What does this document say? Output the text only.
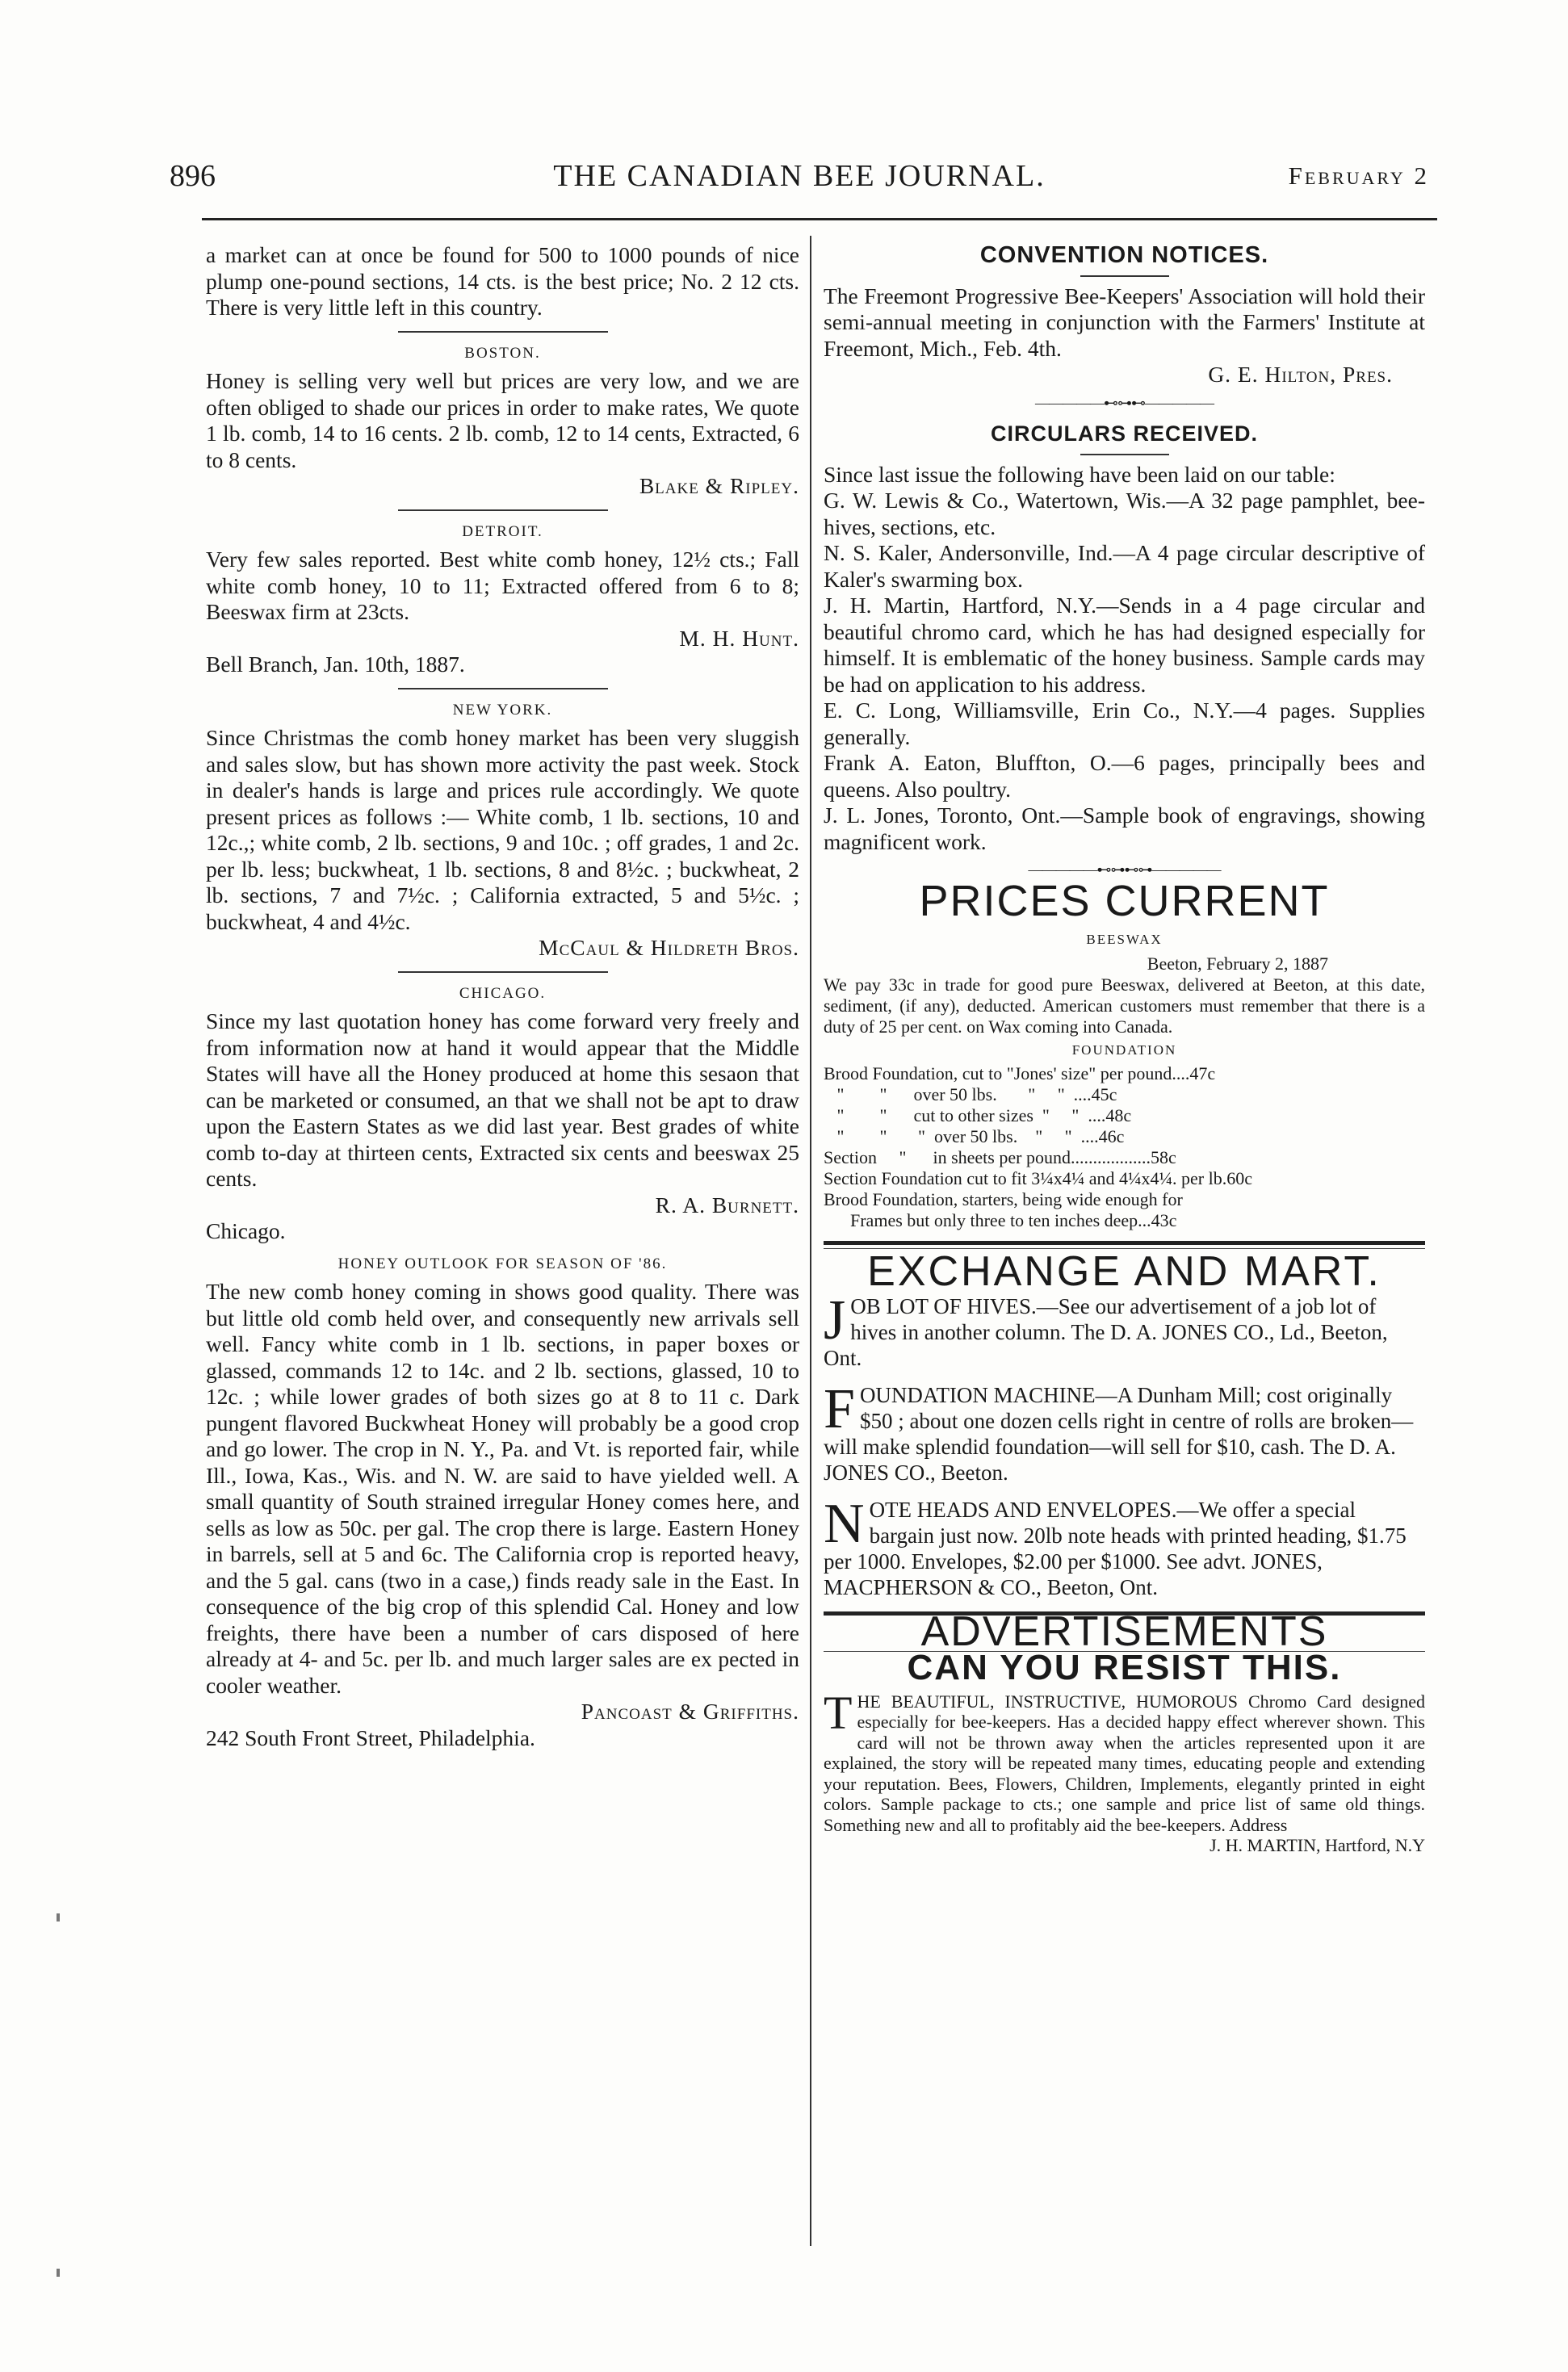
896	THE CANADIAN BEE JOURNAL.	February 2

a market can at once be found for 500 to 1000 pounds of nice plump one-pound sections, 14 cts. is the best price; No. 2 12 cts. There is very little left in this country.

BOSTON.

Honey is selling very well but prices are very low, and we are often obliged to shade our prices in order to make rates, We quote 1 lb. comb, 14 to 16 cents. 2 lb. comb, 12 to 14 cents, Extracted, 6 to 8 cents.

Blake & Ripley.
DETROIT.

Very few sales reported. Best white comb honey, 12½ cts.; Fall white comb honey, 10 to 11; Extracted offered from 6 to 8; Beeswax firm at 23cts.

M. H. Hunt.
Bell Branch, Jan. 10th, 1887.
NEW YORK.

Since Christmas the comb honey market has been very sluggish and sales slow, but has shown more activity the past week. Stock in dealer's hands is large and prices rule accordingly. We quote present prices as follows :— White comb, 1 lb. sections, 10 and 12c.,; white comb, 2 lb. sections, 9 and 10c. ; off grades, 1 and 2c. per lb. less; buckwheat, 1 lb. sections, 8 and 8½c. ; buckwheat, 2 lb. sections, 7 and 7½c. ; California extracted, 5 and 5½c. ; buckwheat, 4 and 4½c.

McCaul & Hildreth Bros.
CHICAGO.

Since my last quotation honey has come forward very freely and from information now at hand it would appear that the Middle States will have all the Honey produced at home this sesaon that can be marketed or consumed, an that we shall not be apt to draw upon the Eastern States as we did last year. Best grades of white comb to-day at thirteen cents, Extracted six cents and beeswax 25 cents.

R. A. Burnett.
Chicago.
HONEY OUTLOOK FOR SEASON OF '86.

The new comb honey coming in shows good quality. There was but little old comb held over, and consequently new arrivals sell well. Fancy white comb in 1 lb. sections, in paper boxes or glassed, commands 12 to 14c. and 2 lb. sections, glassed, 10 to 12c. ; while lower grades of both sizes go at 8 to 11 c. Dark pungent flavored Buckwheat Honey will probably be a good crop and go lower. The crop in N. Y., Pa. and Vt. is reported fair, while Ill., Iowa, Kas., Wis. and N. W. are said to have yielded well. A small quantity of South strained irregular Honey comes here, and sells as low as 50c. per gal. The crop there is large. Eastern Honey in barrels, sell at 5 and 6c. The California crop is reported heavy, and the 5 gal. cans (two in a case,) finds ready sale in the East. In consequence of the big crop of this splendid Cal. Honey and low freights, there have been a number of cars disposed of here already at 4- and 5c. per lb. and much larger sales are ex pected in cooler weather.

Pancoast & Griffiths.
242 South Front Street, Philadelphia.
CONVENTION NOTICES.

The Freemont Progressive Bee-Keepers' Association will hold their semi-annual meeting in conjunction with the Farmers' Institute at Freemont, Mich., Feb. 4th.

G. E. Hilton, Pres.
—————⊷⊶⊷—————
CIRCULARS RECEIVED.

Since last issue the following have been laid on our table:

G. W. Lewis & Co., Watertown, Wis.—A 32 page pamphlet, bee-hives, sections, etc.

N. S. Kaler, Andersonville, Ind.—A 4 page circular descriptive of Kaler's swarming box.

J. H. Martin, Hartford, N.Y.—Sends in a 4 page circular and beautiful chromo card, which he has had designed especially for himself. It is emblematic of the honey business. Sample cards may be had on application to his address.

E. C. Long, Williamsville, Erin Co., N.Y.—4 pages. Supplies generally.

Frank A. Eaton, Bluffton, O.—6 pages, principally bees and queens. Also poultry.

J. L. Jones, Toronto, Ont.—Sample book of engravings, showing magnificent work.

—————⊷⊶⊷⊶—————
PRICES CURRENT
BEESWAX
Beeton, February 2, 1887

We pay 33c in trade for good pure Beeswax, delivered at Beeton, at this date, sediment, (if any), deducted. American customers must remember that there is a duty of 25 per cent. on Wax coming into Canada.

FOUNDATION
Brood Foundation, cut to "Jones' size" per pound....47c
"        "      over 50 lbs.       "     "  ....45c
"        "      cut to other sizes  "     "  ....48c
"        "       "  over 50 lbs.    "     "  ....46c
Section     "      in sheets per pound..................58c
Section Foundation cut to fit 3¼x4¼ and 4¼x4¼. per lb.60c
Brood Foundation, starters, being wide enough for
Frames but only three to ten inches deep...43c
EXCHANGE AND MART.
J OB LOT OF HIVES.—See our advertisement of a job lot of hives in another column. The D. A. JONES CO., Ld., Beeton, Ont.
F OUNDATION MACHINE—A Dunham Mill; cost originally $50 ; about one dozen cells right in centre of rolls are broken—will make splendid foundation—will sell for $10, cash. The D. A. JONES CO., Beeton.
N OTE HEADS AND ENVELOPES.—We offer a special bargain just now. 20lb note heads with printed heading, $1.75 per 1000. Envelopes, $2.00 per $1000. See advt. JONES, MACPHERSON & CO., Beeton, Ont.
ADVERTISEMENTS
CAN YOU RESIST THIS.

THE BEAUTIFUL, INSTRUCTIVE, HUMOROUS Chromo Card designed especially for bee-keepers. Has a decided happy effect wherever shown. This card will not be thrown away when the articles represented upon it are explained, the story will be repeated many times, educating people and extending your reputation. Bees, Flowers, Children, Implements, elegantly printed in eight colors. Sample package to cts.; one sample and price list of same old things. Something new and all to profitably aid the bee-keepers. Address

J. H. MARTIN, Hartford, N.Y
